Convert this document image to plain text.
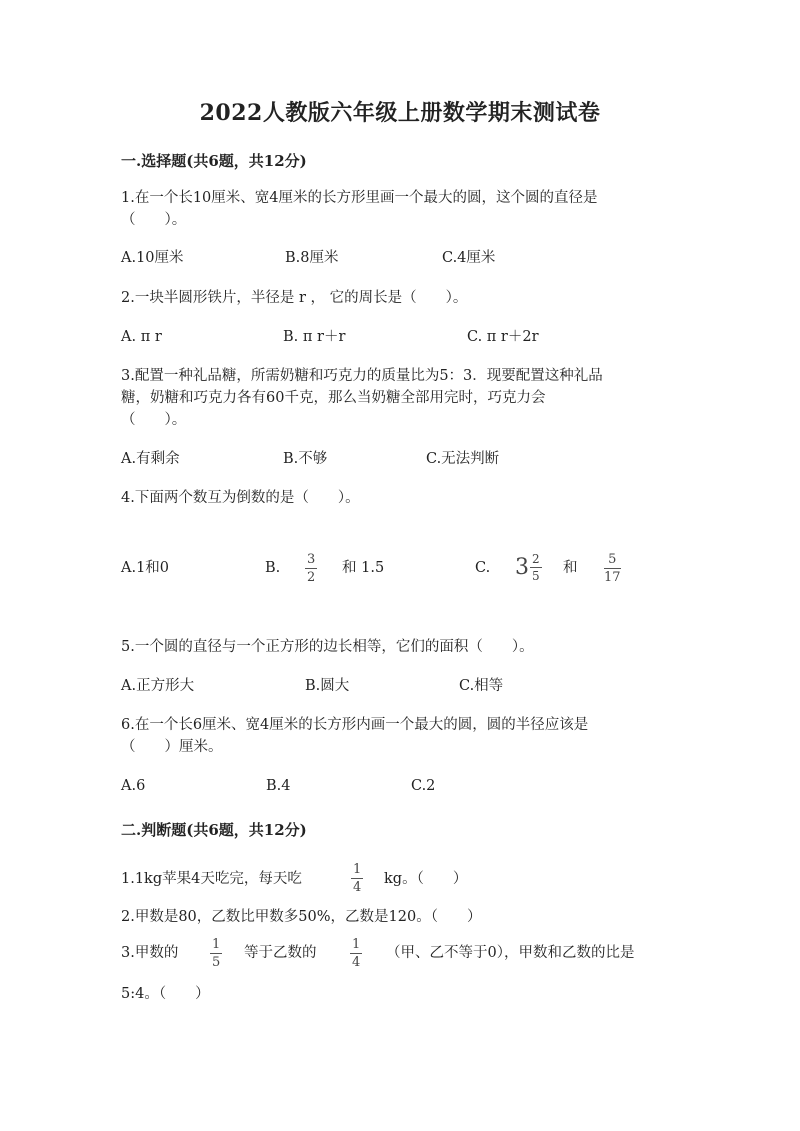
2022人教版六年级上册数学期末测试卷
一.选择题(共6题，共12分)
1.在一个长10厘米、宽4厘米的长方形里画一个最大的圆，这个圆的直径是
（　　）。
A.10厘米	B.8厘米	C.4厘米
2.一块半圆形铁片，半径是 r ， 它的周长是（　　）。
A. π r	B. π r＋r	C. π r＋2r
3.配置一种礼品糖，所需奶糖和巧克力的质量比为5：3．现要配置这种礼品
糖，奶糖和巧克力各有60千克，那么当奶糖全部用完时，巧克力会
（　　）。
A.有剩余	B.不够	C.无法判断
4.下面两个数互为倒数的是（　　）。
A.1和0	B.
3
2
和 1.5	C. $3 \frac{2}{5}$ 和
5
17
5.一个圆的直径与一个正方形的边长相等，它们的面积（　　）。
A.正方形大	B.圆大	C.相等
6.在一个长6厘米、宽4厘米的长方形内画一个最大的圆，圆的半径应该是
（　　）厘米。
A.6	B.4	C.2
二.判断题(共6题，共12分)
1.1kg苹果4天吃完，每天吃
1
4
kg。（　　）
2.甲数是80，乙数比甲数多50%，乙数是120。（　　）
3.甲数的
1
5
等于乙数的
1
4
（甲、乙不等于0），甲数和乙数的比是
5:4。（　　）
